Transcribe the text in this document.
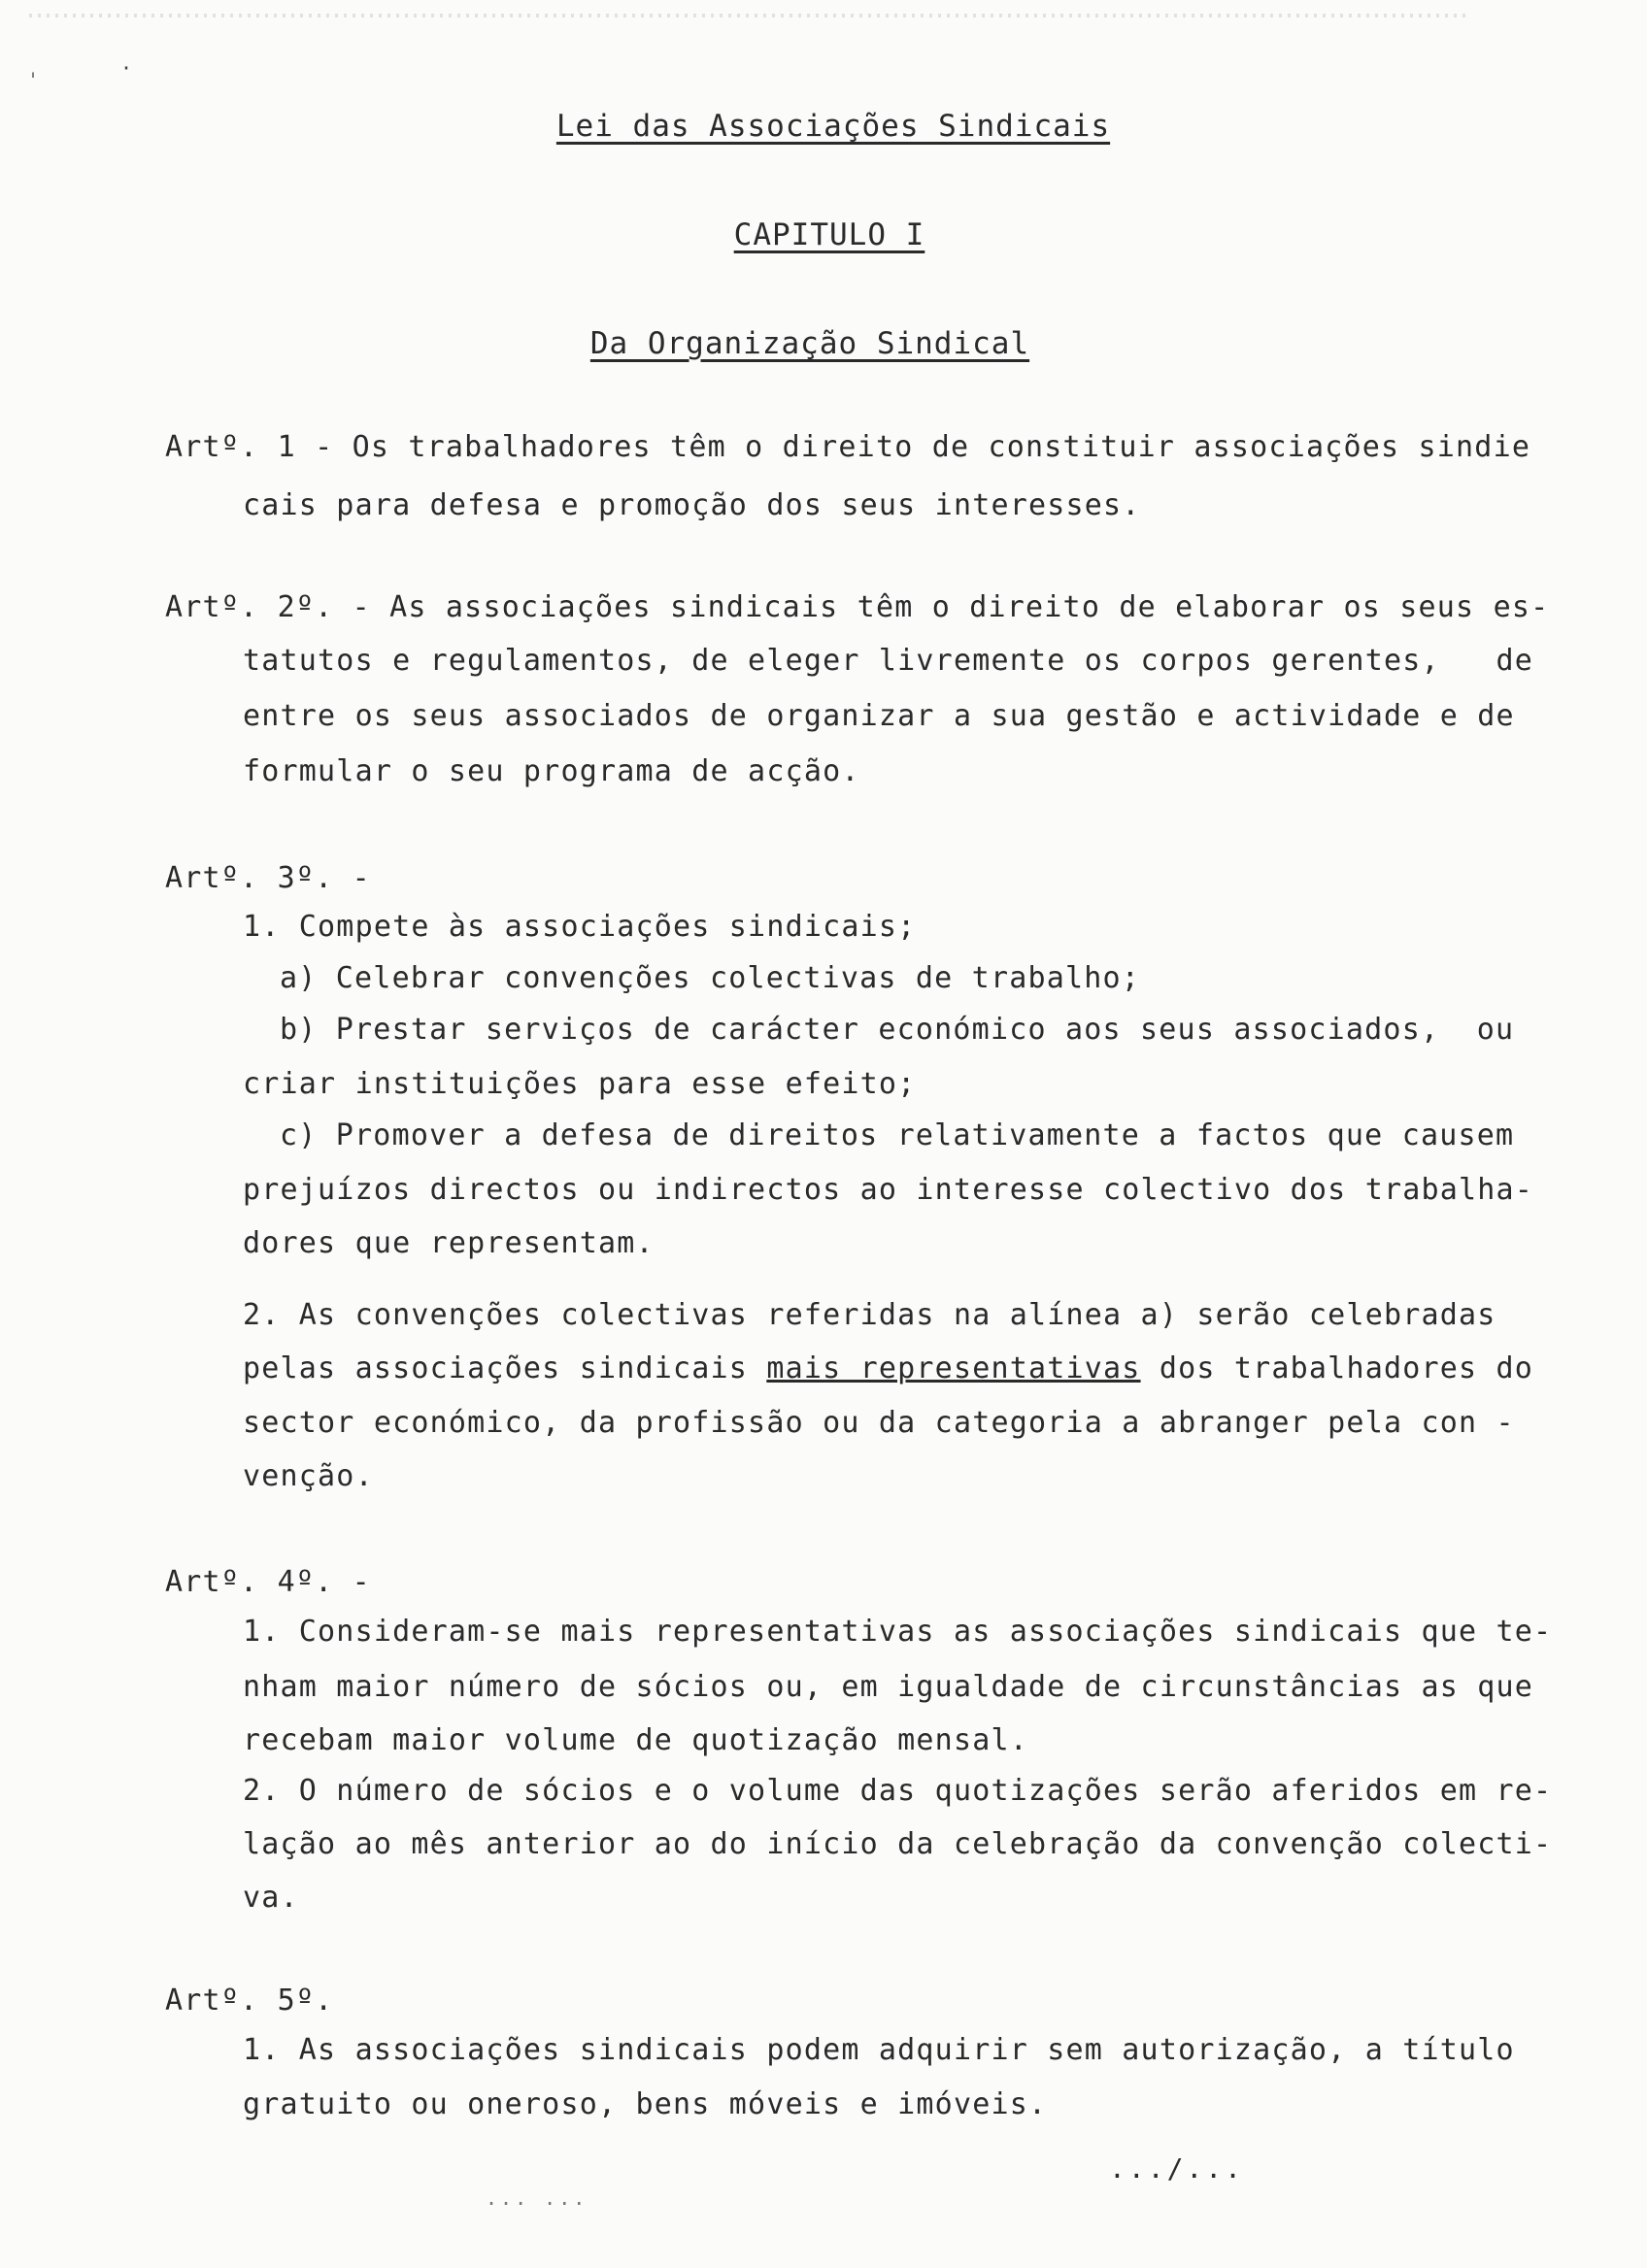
ˌ	·
Lei das Associações Sindicais
CAPITULO I
Da Organização Sindical
Artº. 1 - Os trabalhadores têm o direito de constituir associações sindie
cais para defesa e promoção dos seus interesses.
Artº. 2º. - As associações sindicais têm o direito de elaborar os seus es-
tatutos e regulamentos, de eleger livremente os corpos gerentes,   de
entre os seus associados de organizar a sua gestão e actividade e de
formular o seu programa de acção.
Artº. 3º. -
1. Compete às associações sindicais;
a) Celebrar convenções colectivas de trabalho;
b) Prestar serviços de carácter económico aos seus associados,  ou
criar instituições para esse efeito;
c) Promover a defesa de direitos relativamente a factos que causem
prejuízos directos ou indirectos ao interesse colectivo dos trabalha-
dores que representam.
2. As convenções colectivas referidas na alínea a) serão celebradas
pelas associações sindicais mais representativas dos trabalhadores do
sector económico, da profissão ou da categoria a abranger pela con -
venção.
Artº. 4º. -
1. Consideram-se mais representativas as associações sindicais que te-
nham maior número de sócios ou, em igualdade de circunstâncias as que
recebam maior volume de quotização mensal.
2. O número de sócios e o volume das quotizações serão aferidos em re-
lação ao mês anterior ao do início da celebração da convenção colecti-
va.
Artº. 5º.
1. As associações sindicais podem adquirir sem autorização, a título
gratuito ou oneroso, bens móveis e imóveis.
.../...
... ...
